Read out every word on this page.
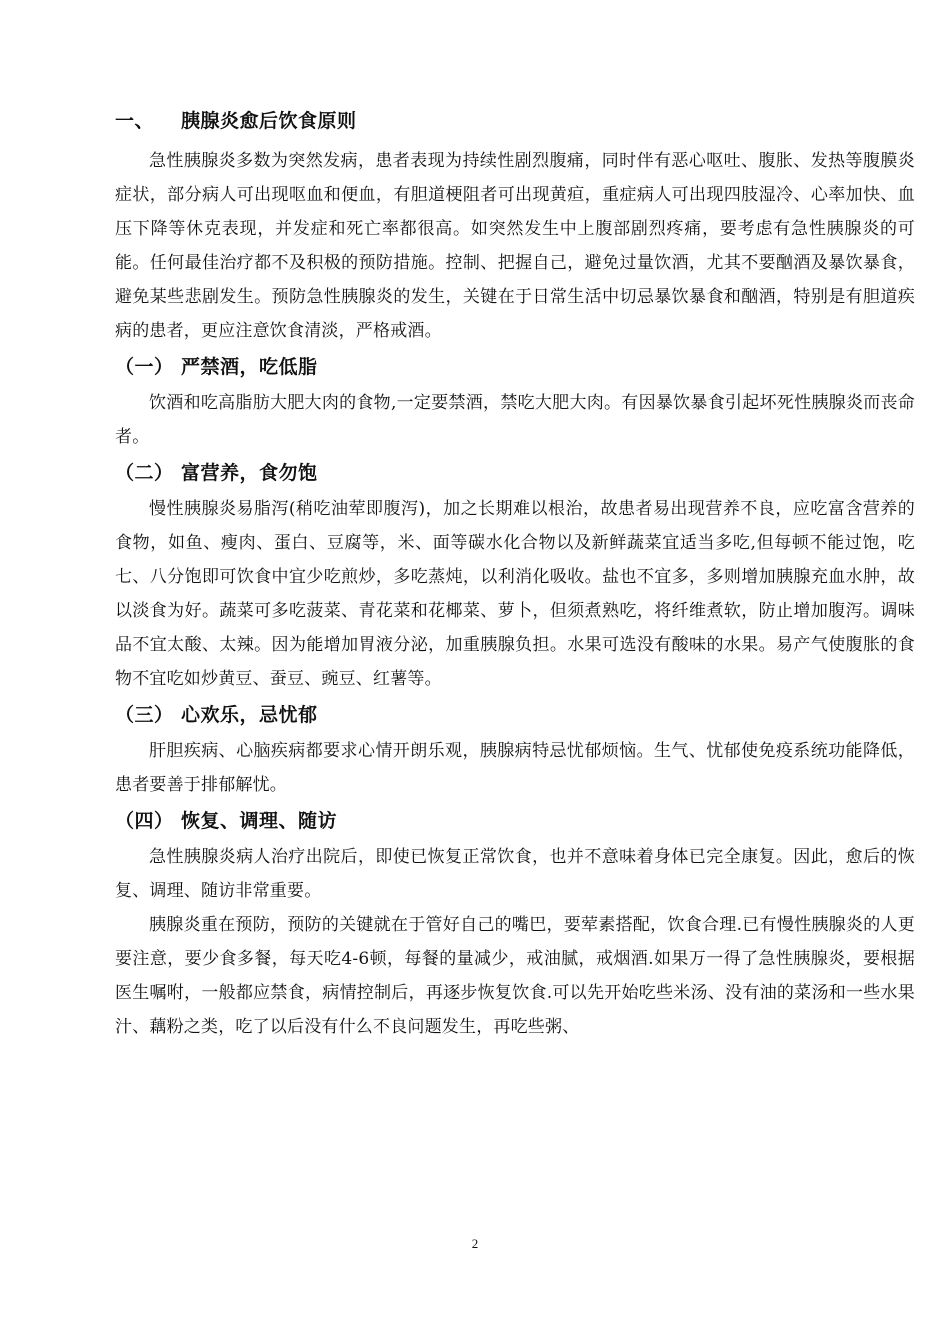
一、	胰腺炎愈后饮食原则

急性胰腺炎多数为突然发病，患者表现为持续性剧烈腹痛，同时伴有恶心呕吐、腹胀、发热等腹膜炎症状，部分病人可出现呕血和便血，有胆道梗阻者可出现黄疸，重症病人可出现四肢湿冷、心率加快、血压下降等休克表现，并发症和死亡率都很高。如突然发生中上腹部剧烈疼痛，要考虑有急性胰腺炎的可能。任何最佳治疗都不及积极的预防措施。控制、把握自己，避免过量饮酒，尤其不要酗酒及暴饮暴食，避免某些悲剧发生。预防急性胰腺炎的发生，关键在于日常生活中切忌暴饮暴食和酗酒，特别是有胆道疾病的患者，更应注意饮食清淡，严格戒酒。

（一） 严禁酒，吃低脂

饮酒和吃高脂肪大肥大肉的食物,一定要禁酒，禁吃大肥大肉。有因暴饮暴食引起坏死性胰腺炎而丧命者。

（二） 富营养，食勿饱

慢性胰腺炎易脂泻(稍吃油荤即腹泻)，加之长期难以根治，故患者易出现营养不良，应吃富含营养的食物，如鱼、瘦肉、蛋白、豆腐等，米、面等碳水化合物以及新鲜蔬菜宜适当多吃,但每顿不能过饱，吃七、八分饱即可饮食中宜少吃煎炒，多吃蒸炖，以利消化吸收。盐也不宜多，多则增加胰腺充血水肿，故以淡食为好。蔬菜可多吃菠菜、青花菜和花椰菜、萝卜，但须煮熟吃，将纤维煮软，防止增加腹泻。调味品不宜太酸、太辣。因为能增加胃液分泌，加重胰腺负担。水果可选没有酸味的水果。易产气使腹胀的食物不宜吃如炒黄豆、蚕豆、豌豆、红薯等。

（三） 心欢乐，忌忧郁

肝胆疾病、心脑疾病都要求心情开朗乐观，胰腺病特忌忧郁烦恼。生气、忧郁使免疫系统功能降低，患者要善于排郁解忧。

（四） 恢复、调理、随访

急性胰腺炎病人治疗出院后，即使已恢复正常饮食，也并不意味着身体已完全康复。因此，愈后的恢复、调理、随访非常重要。

胰腺炎重在预防，预防的关键就在于管好自己的嘴巴，要荤素搭配，饮食合理.已有慢性胰腺炎的人更要注意，要少食多餐，每天吃4-6顿，每餐的量减少，戒油腻，戒烟酒.如果万一得了急性胰腺炎，要根据医生嘱咐，一般都应禁食，病情控制后，再逐步恢复饮食.可以先开始吃些米汤、没有油的菜汤和一些水果汁、藕粉之类，吃了以后没有什么不良问题发生，再吃些粥、

2
